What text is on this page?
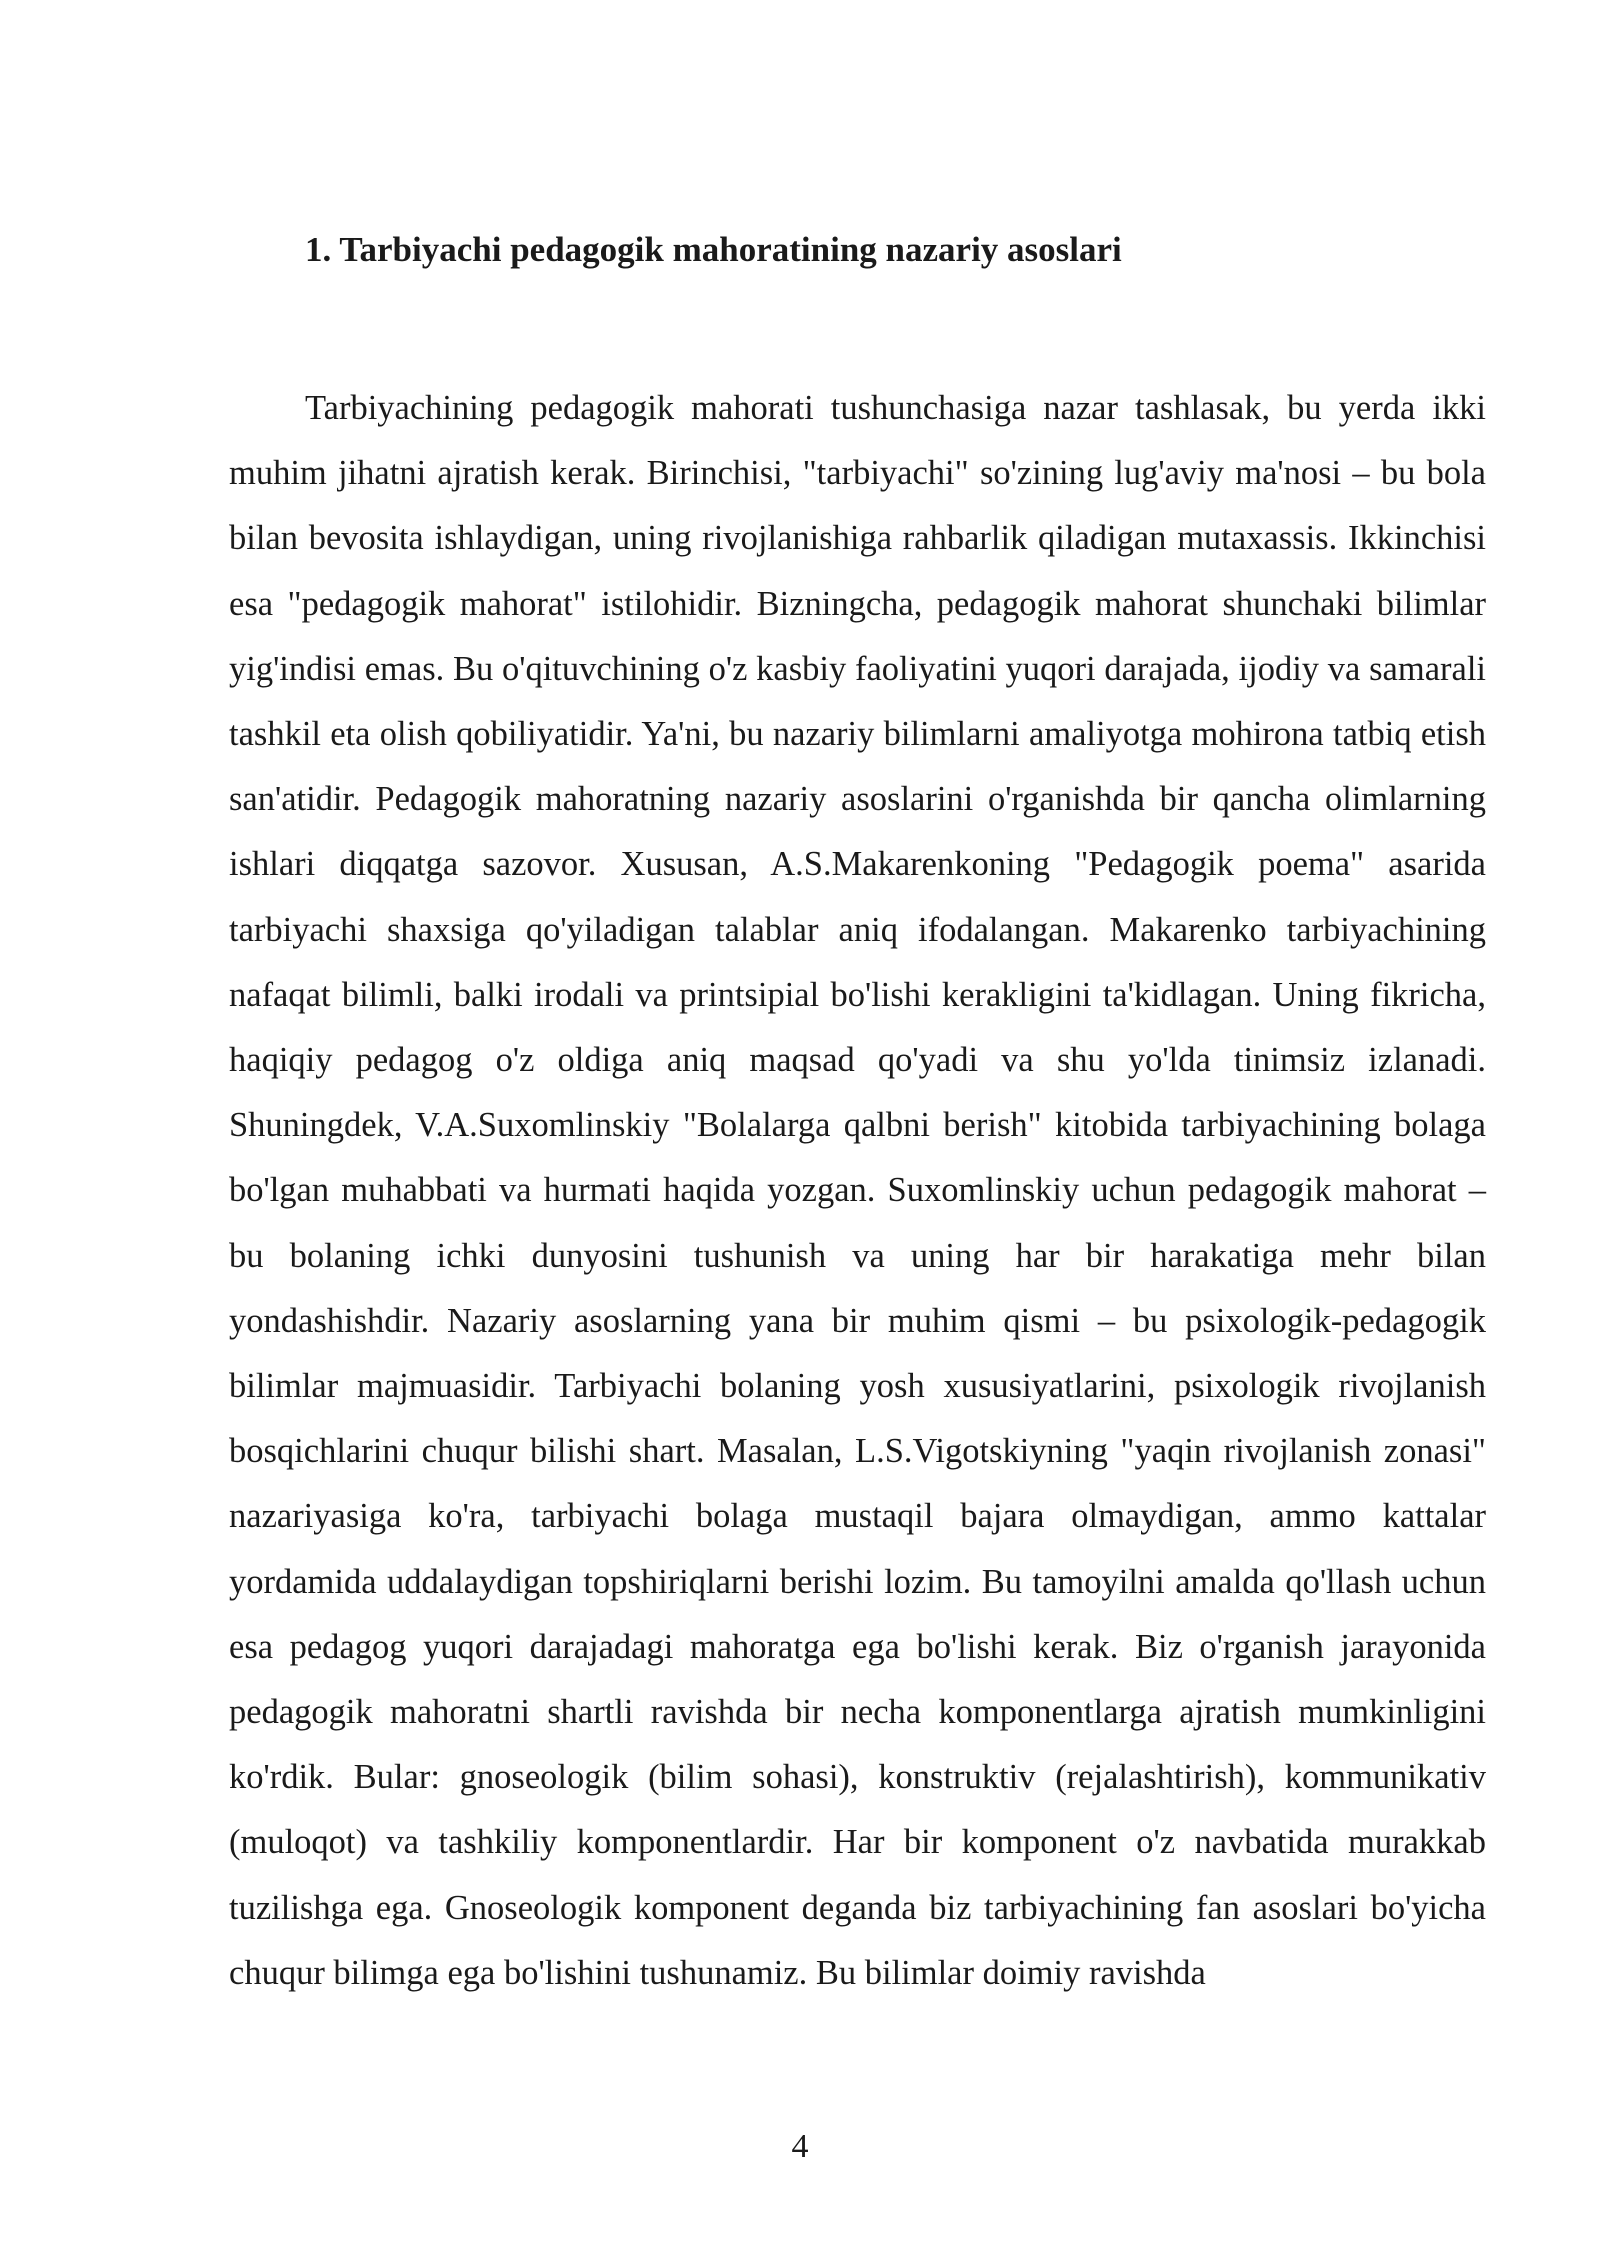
1. Tarbiyachi pedagogik mahoratining nazariy asoslari

Tarbiyachining pedagogik mahorati tushunchasiga nazar tashlasak, bu yerda ikki muhim jihatni ajratish kerak. Birinchisi, "tarbiyachi" so'zining lug'aviy ma'nosi – bu bola bilan bevosita ishlaydigan, uning rivojlanishiga rahbarlik qiladigan mutaxassis. Ikkinchisi esa "pedagogik mahorat" istilohidir. Bizningcha, pedagogik mahorat shunchaki bilimlar yig'indisi emas. Bu o'qituvchining o'z kasbiy faoliyatini yuqori darajada, ijodiy va samarali tashkil eta olish qobiliyatidir. Ya'ni, bu nazariy bilimlarni amaliyotga mohirona tatbiq etish san'atidir. Pedagogik mahoratning nazariy asoslarini o'rganishda bir qancha olimlarning ishlari diqqatga sazovor. Xususan, A.S.Makarenkoning "Pedagogik poema" asarida tarbiyachi shaxsiga qo'yiladigan talablar aniq ifodalangan. Makarenko tarbiyachining nafaqat bilimli, balki irodali va printsipial bo'lishi kerakligini ta'kidlagan. Uning fikricha, haqiqiy pedagog o'z oldiga aniq maqsad qo'yadi va shu yo'lda tinimsiz izlanadi. Shuningdek, V.A.Suxomlinskiy "Bolalarga qalbni berish" kitobida tarbiyachining bolaga bo'lgan muhabbati va hurmati haqida yozgan. Suxomlinskiy uchun pedagogik mahorat – bu bolaning ichki dunyosini tushunish va uning har bir harakatiga mehr bilan yondashishdir. Nazariy asoslarning yana bir muhim qismi – bu psixologik-pedagogik bilimlar majmuasidir. Tarbiyachi bolaning yosh xususiyatlarini, psixologik rivojlanish bosqichlarini chuqur bilishi shart. Masalan, L.S.Vigotskiyning "yaqin rivojlanish zonasi" nazariyasiga ko'ra, tarbiyachi bolaga mustaqil bajara olmaydigan, ammo kattalar yordamida uddalaydigan topshiriqlarni berishi lozim. Bu tamoyilni amalda qo'llash uchun esa pedagog yuqori darajadagi mahoratga ega bo'lishi kerak. Biz o'rganish jarayonida pedagogik mahoratni shartli ravishda bir necha komponentlarga ajratish mumkinligini ko'rdik. Bular: gnoseologik (bilim sohasi), konstruktiv (rejalashtirish), kommunikativ (muloqot) va tashkiliy komponentlardir. Har bir komponent o'z navbatida murakkab tuzilishga ega. Gnoseologik komponent deganda biz tarbiyachining fan asoslari bo'yicha chuqur bilimga ega bo'lishini tushunamiz. Bu bilimlar doimiy ravishda

4
